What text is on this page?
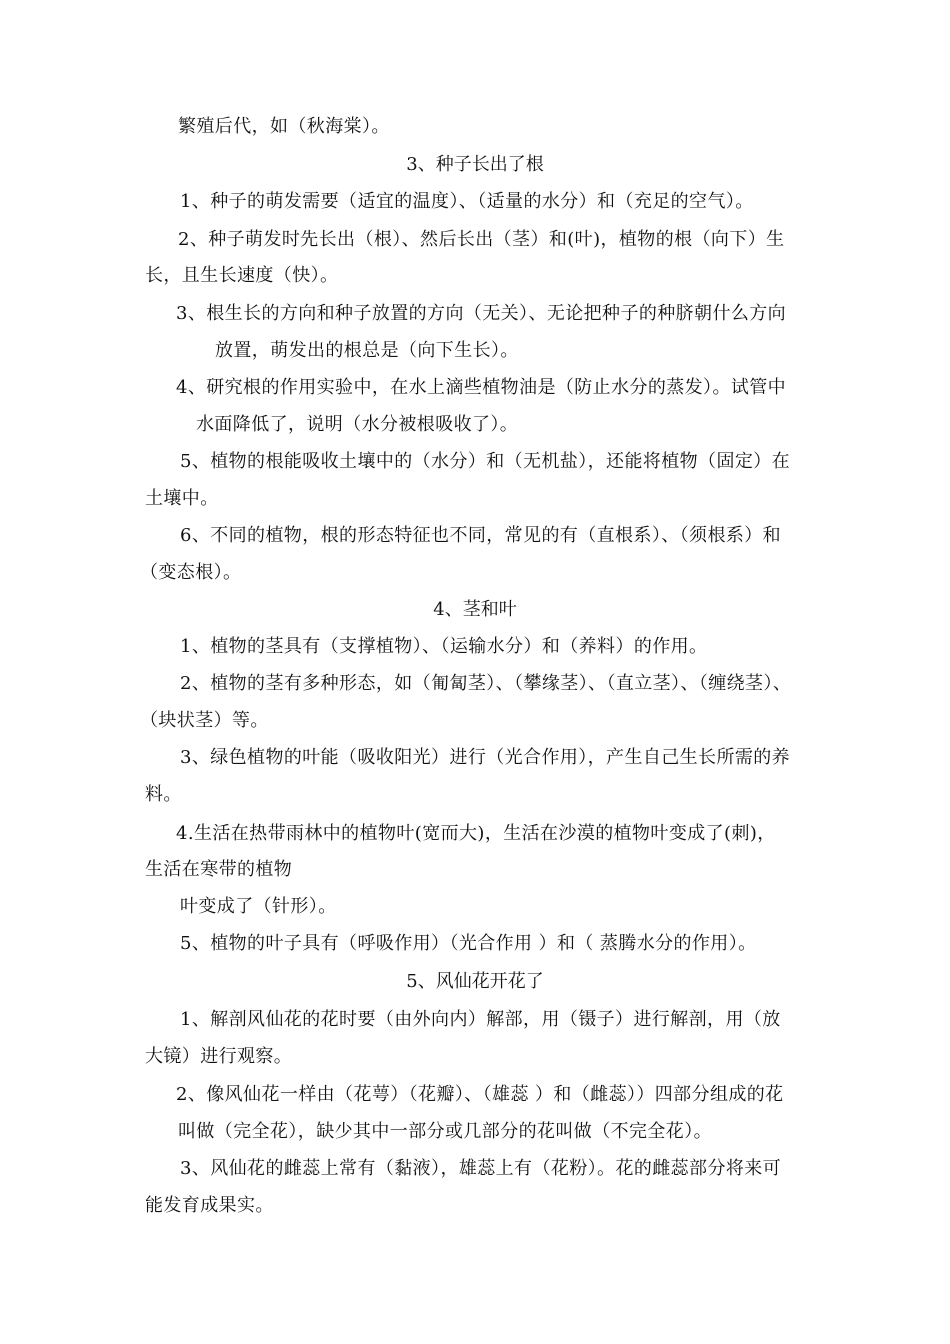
繁殖后代，如（秋海棠）。
3、种子长出了根
1、种子的萌发需要（适宜的温度）、（适量的水分）和（充足的空气）。
2、种子萌发时先长出（根）、然后长出（茎）和(叶)，植物的根（向下）生
长，且生长速度（快）。
3、根生长的方向和种子放置的方向（无关）、无论把种子的种脐朝什么方向
放置，萌发出的根总是（向下生长）。
4、研究根的作用实验中，在水上滴些植物油是（防止水分的蒸发）。试管中
水面降低了，说明（水分被根吸收了）。
5、植物的根能吸收土壤中的（水分）和（无机盐），还能将植物（固定）在
土壤中。
6、不同的植物，根的形态特征也不同，常见的有（直根系）、（须根系）和
（变态根）。
4、茎和叶
1、植物的茎具有（支撑植物）、（运输水分）和（养料）的作用。
2、植物的茎有多种形态，如（匍匐茎）、（攀缘茎）、（直立茎）、（缠绕茎）、
（块状茎）等。
3、绿色植物的叶能（吸收阳光）进行（光合作用），产生自己生长所需的养
料。
4.生活在热带雨林中的植物叶(宽而大)，生活在沙漠的植物叶变成了(刺)，
生活在寒带的植物
叶变成了（针形）。
5、植物的叶子具有（呼吸作用）（光合作用 ）和（ 蒸腾水分的作用）。
5、风仙花开花了
1、解剖风仙花的花时要（由外向内）解部，用（镊子）进行解剖，用（放
大镜）进行观察。
2、像风仙花一样由（花萼）（花瓣）、（雄蕊 ）和（雌蕊））四部分组成的花
叫做（完全花），缺少其中一部分或几部分的花叫做（不完全花）。
3、风仙花的雌蕊上常有（黏液），雄蕊上有（花粉）。花的雌蕊部分将来可
能发育成果实。
